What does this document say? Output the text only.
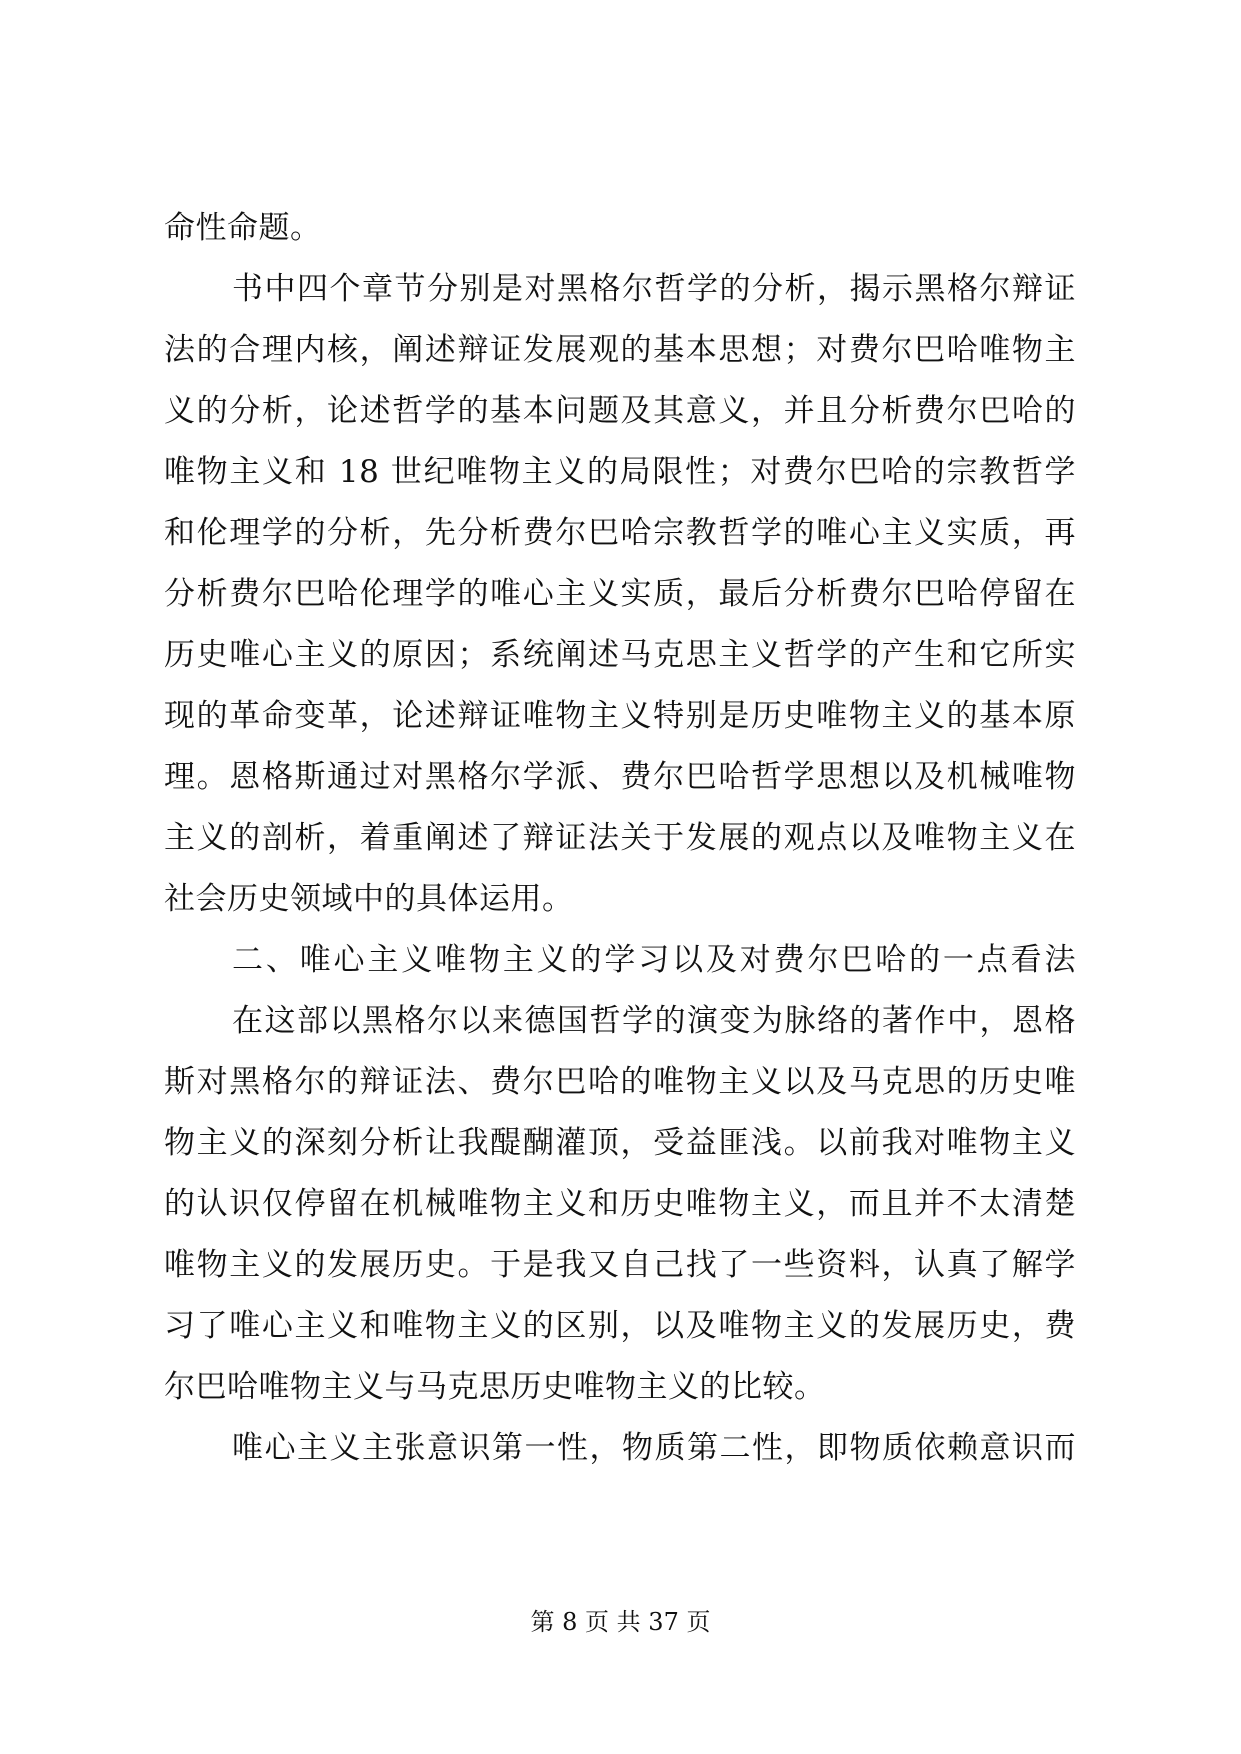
命性命题。
书中四个章节分别是对黑格尔哲学的分析，揭示黑格尔辩证
法的合理内核，阐述辩证发展观的基本思想；对费尔巴哈唯物主
义的分析，论述哲学的基本问题及其意义，并且分析费尔巴哈的
唯物主义和 18 世纪唯物主义的局限性；对费尔巴哈的宗教哲学
和伦理学的分析，先分析费尔巴哈宗教哲学的唯心主义实质，再
分析费尔巴哈伦理学的唯心主义实质，最后分析费尔巴哈停留在
历史唯心主义的原因；系统阐述马克思主义哲学的产生和它所实
现的革命变革，论述辩证唯物主义特别是历史唯物主义的基本原
理。恩格斯通过对黑格尔学派、费尔巴哈哲学思想以及机械唯物
主义的剖析，着重阐述了辩证法关于发展的观点以及唯物主义在
社会历史领域中的具体运用。
二、唯心主义唯物主义的学习以及对费尔巴哈的一点看法
在这部以黑格尔以来德国哲学的演变为脉络的著作中，恩格
斯对黑格尔的辩证法、费尔巴哈的唯物主义以及马克思的历史唯
物主义的深刻分析让我醍醐灌顶，受益匪浅。以前我对唯物主义
的认识仅停留在机械唯物主义和历史唯物主义，而且并不太清楚
唯物主义的发展历史。于是我又自己找了一些资料，认真了解学
习了唯心主义和唯物主义的区别，以及唯物主义的发展历史，费
尔巴哈唯物主义与马克思历史唯物主义的比较。
唯心主义主张意识第一性，物质第二性，即物质依赖意识而
第 8 页 共 37 页
